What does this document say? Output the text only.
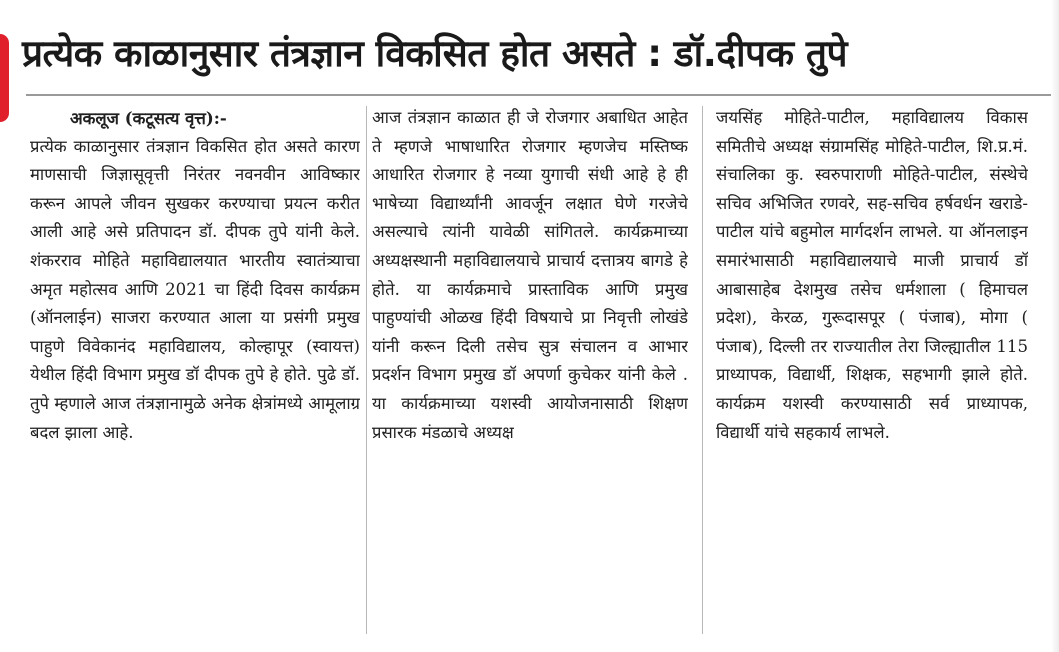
प्रत्येक काळानुसार तंत्रज्ञान विकसित होत असते : डॉ.दीपक तुपे

अकलूज (कटूसत्य वृत्त):-
प्रत्येक काळानुसार तंत्रज्ञान विकसित होत असते कारण माणसाची जिज्ञासूवृत्ती निरंतर नवनवीन आविष्कार करून आपले जीवन सुखकर करण्याचा प्रयत्न करीत आली आहे असे प्रतिपादन डॉ. दीपक तुपे यांनी केले. शंकरराव मोहिते महाविद्यालयात भारतीय स्वातंत्र्याचा अमृत महोत्सव आणि 2021 चा हिंदी दिवस कार्यक्रम (ऑनलाईन) साजरा करण्यात आला या प्रसंगी प्रमुख पाहुणे विवेकानंद महाविद्यालय, कोल्हापूर (स्वायत्त) येथील हिंदी विभाग प्रमुख डॉ दीपक तुपे हे होते. पुढे डॉ. तुपे म्हणाले आज तंत्रज्ञानामुळे अनेक क्षेत्रांमध्ये आमूलाग्र बदल झाला आहे.

आज तंत्रज्ञान काळात ही जे रोजगार अबाधित आहेत ते म्हणजे भाषाधारित रोजगार म्हणजेच मस्तिष्क आधारित रोजगार हे नव्या युगाची संधी आहे हे ही भाषेच्या विद्यार्थ्यांनी आवर्जून लक्षात घेणे गरजेचे असल्याचे त्यांनी यावेळी सांगितले. कार्यक्रमाच्या अध्यक्षस्थानी महाविद्यालयाचे प्राचार्य दत्तात्रय बागडे हे होते. या कार्यक्रमाचे प्रास्ताविक आणि प्रमुख पाहुण्यांची ओळख हिंदी विषयाचे प्रा निवृत्ती लोखंडे यांनी करून दिली तसेच सुत्र संचालन व आभार प्रदर्शन विभाग प्रमुख डॉ अपर्णा कुचेकर यांनी केले . या कार्यक्रमाच्या यशस्वी आयोजनासाठी शिक्षण प्रसारक मंडळाचे अध्यक्ष

जयसिंह मोहिते-पाटील, महाविद्यालय विकास समितीचे अध्यक्ष संग्रामसिंह मोहिते-पाटील, शि.प्र.मं. संचालिका कु. स्वरुपाराणी मोहिते-पाटील, संस्थेचे सचिव अभिजित रणवरे, सह-सचिव हर्षवर्धन खराडे-पाटील यांचे बहुमोल मार्गदर्शन लाभले. या ऑनलाइन समारंभासाठी महाविद्यालयाचे माजी प्राचार्य डॉ आबासाहेब देशमुख तसेच धर्मशाला ( हिमाचल प्रदेश), केरळ, गुरूदासपूर ( पंजाब), मोगा ( पंजाब), दिल्ली तर राज्यातील तेरा जिल्ह्यातील 115 प्राध्यापक, विद्यार्थी, शिक्षक, सहभागी झाले होते. कार्यक्रम यशस्वी करण्यासाठी सर्व प्राध्यापक, विद्यार्थी यांचे सहकार्य लाभले.
